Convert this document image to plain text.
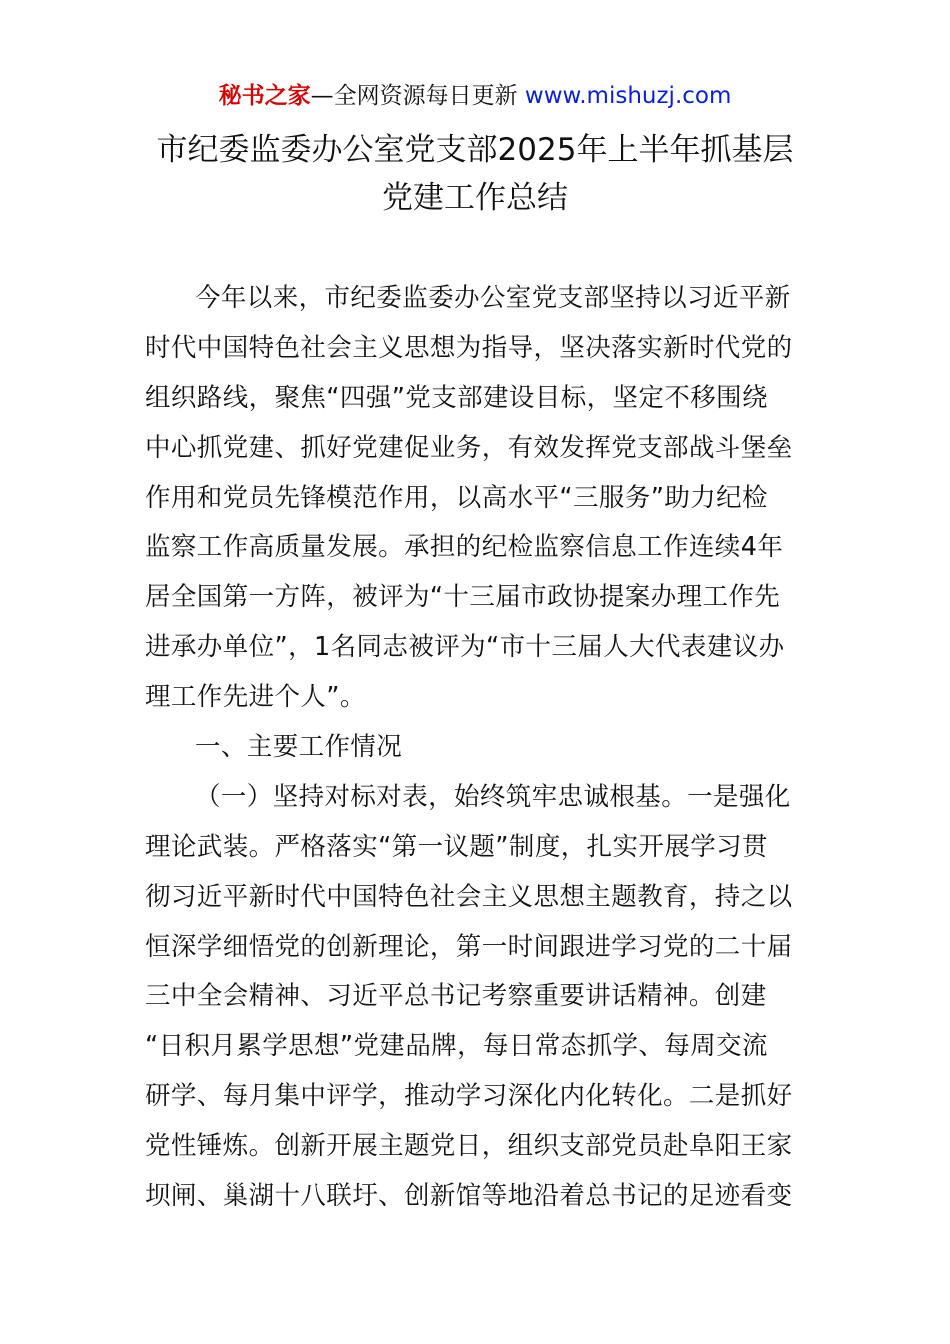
秘书之家—全网资源每日更新 www.mishuzj.com
市纪委监委办公室党支部2025年上半年抓基层
党建工作总结
今年以来，市纪委监委办公室党支部坚持以习近平新
时代中国特色社会主义思想为指导，坚决落实新时代党的
组织路线，聚焦“四强”党支部建设目标，坚定不移围绕
中心抓党建、抓好党建促业务，有效发挥党支部战斗堡垒
作用和党员先锋模范作用，以高水平“三服务”助力纪检
监察工作高质量发展。承担的纪检监察信息工作连续4年
居全国第一方阵，被评为“十三届市政协提案办理工作先
进承办单位”，1名同志被评为“市十三届人大代表建议办
理工作先进个人”。
一、主要工作情况
（一）坚持对标对表，始终筑牢忠诚根基。一是强化
理论武装。严格落实“第一议题”制度，扎实开展学习贯
彻习近平新时代中国特色社会主义思想主题教育，持之以
恒深学细悟党的创新理论，第一时间跟进学习党的二十届
三中全会精神、习近平总书记考察重要讲话精神。创建
“日积月累学思想”党建品牌，每日常态抓学、每周交流
研学、每月集中评学，推动学习深化内化转化。二是抓好
党性锤炼。创新开展主题党日，组织支部党员赴阜阳王家
坝闸、巢湖十八联圩、创新馆等地沿着总书记的足迹看变
